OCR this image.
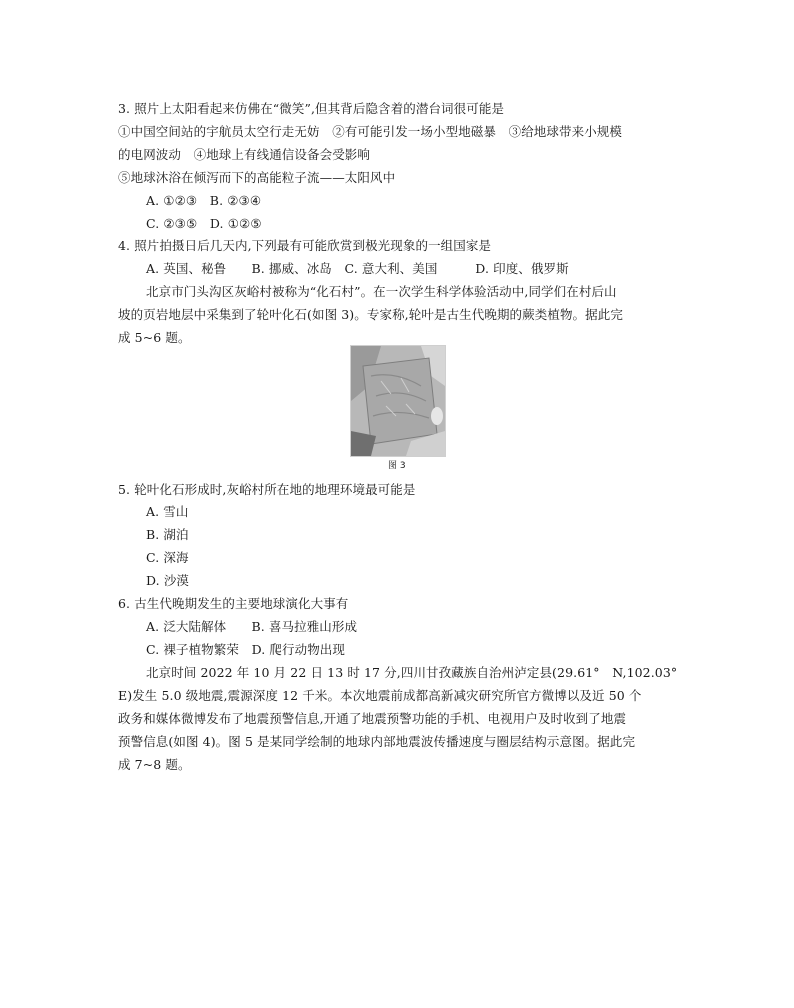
3. 照片上太阳看起来仿佛在“微笑”,但其背后隐含着的潜台词很可能是
①中国空间站的宇航员太空行走无妨　②有可能引发一场小型地磁暴　③给地球带来小规模
的电网波动　④地球上有线通信设备会受影响
⑤地球沐浴在倾泻而下的高能粒子流——太阳风中
A. ①②③　B. ②③④
C. ②③⑤　D. ①②⑤
4. 照片拍摄日后几天内,下列最有可能欣赏到极光现象的一组国家是
A. 英国、秘鲁　　B. 挪威、冰岛　C. 意大利、美国　　　D. 印度、俄罗斯
北京市门头沟区灰峪村被称为“化石村”。在一次学生科学体验活动中,同学们在村后山
坡的页岩地层中采集到了轮叶化石(如图 3)。专家称,轮叶是古生代晚期的蕨类植物。据此完
成 5~6 题。
图 3
5. 轮叶化石形成时,灰峪村所在地的地理环境最可能是
A. 雪山
B. 湖泊
C. 深海
D. 沙漠
6. 古生代晚期发生的主要地球演化大事有
A. 泛大陆解体　　B. 喜马拉雅山形成
C. 裸子植物繁荣　D. 爬行动物出现
北京时间 2022 年 10 月 22 日 13 时 17 分,四川甘孜藏族自治州泸定县(29.61°　N,102.03°
E)发生 5.0 级地震,震源深度 12 千米。本次地震前成都高新减灾研究所官方微博以及近 50 个
政务和媒体微博发布了地震预警信息,开通了地震预警功能的手机、电视用户及时收到了地震
预警信息(如图 4)。图 5 是某同学绘制的地球内部地震波传播速度与圈层结构示意图。据此完
成 7~8 题。
